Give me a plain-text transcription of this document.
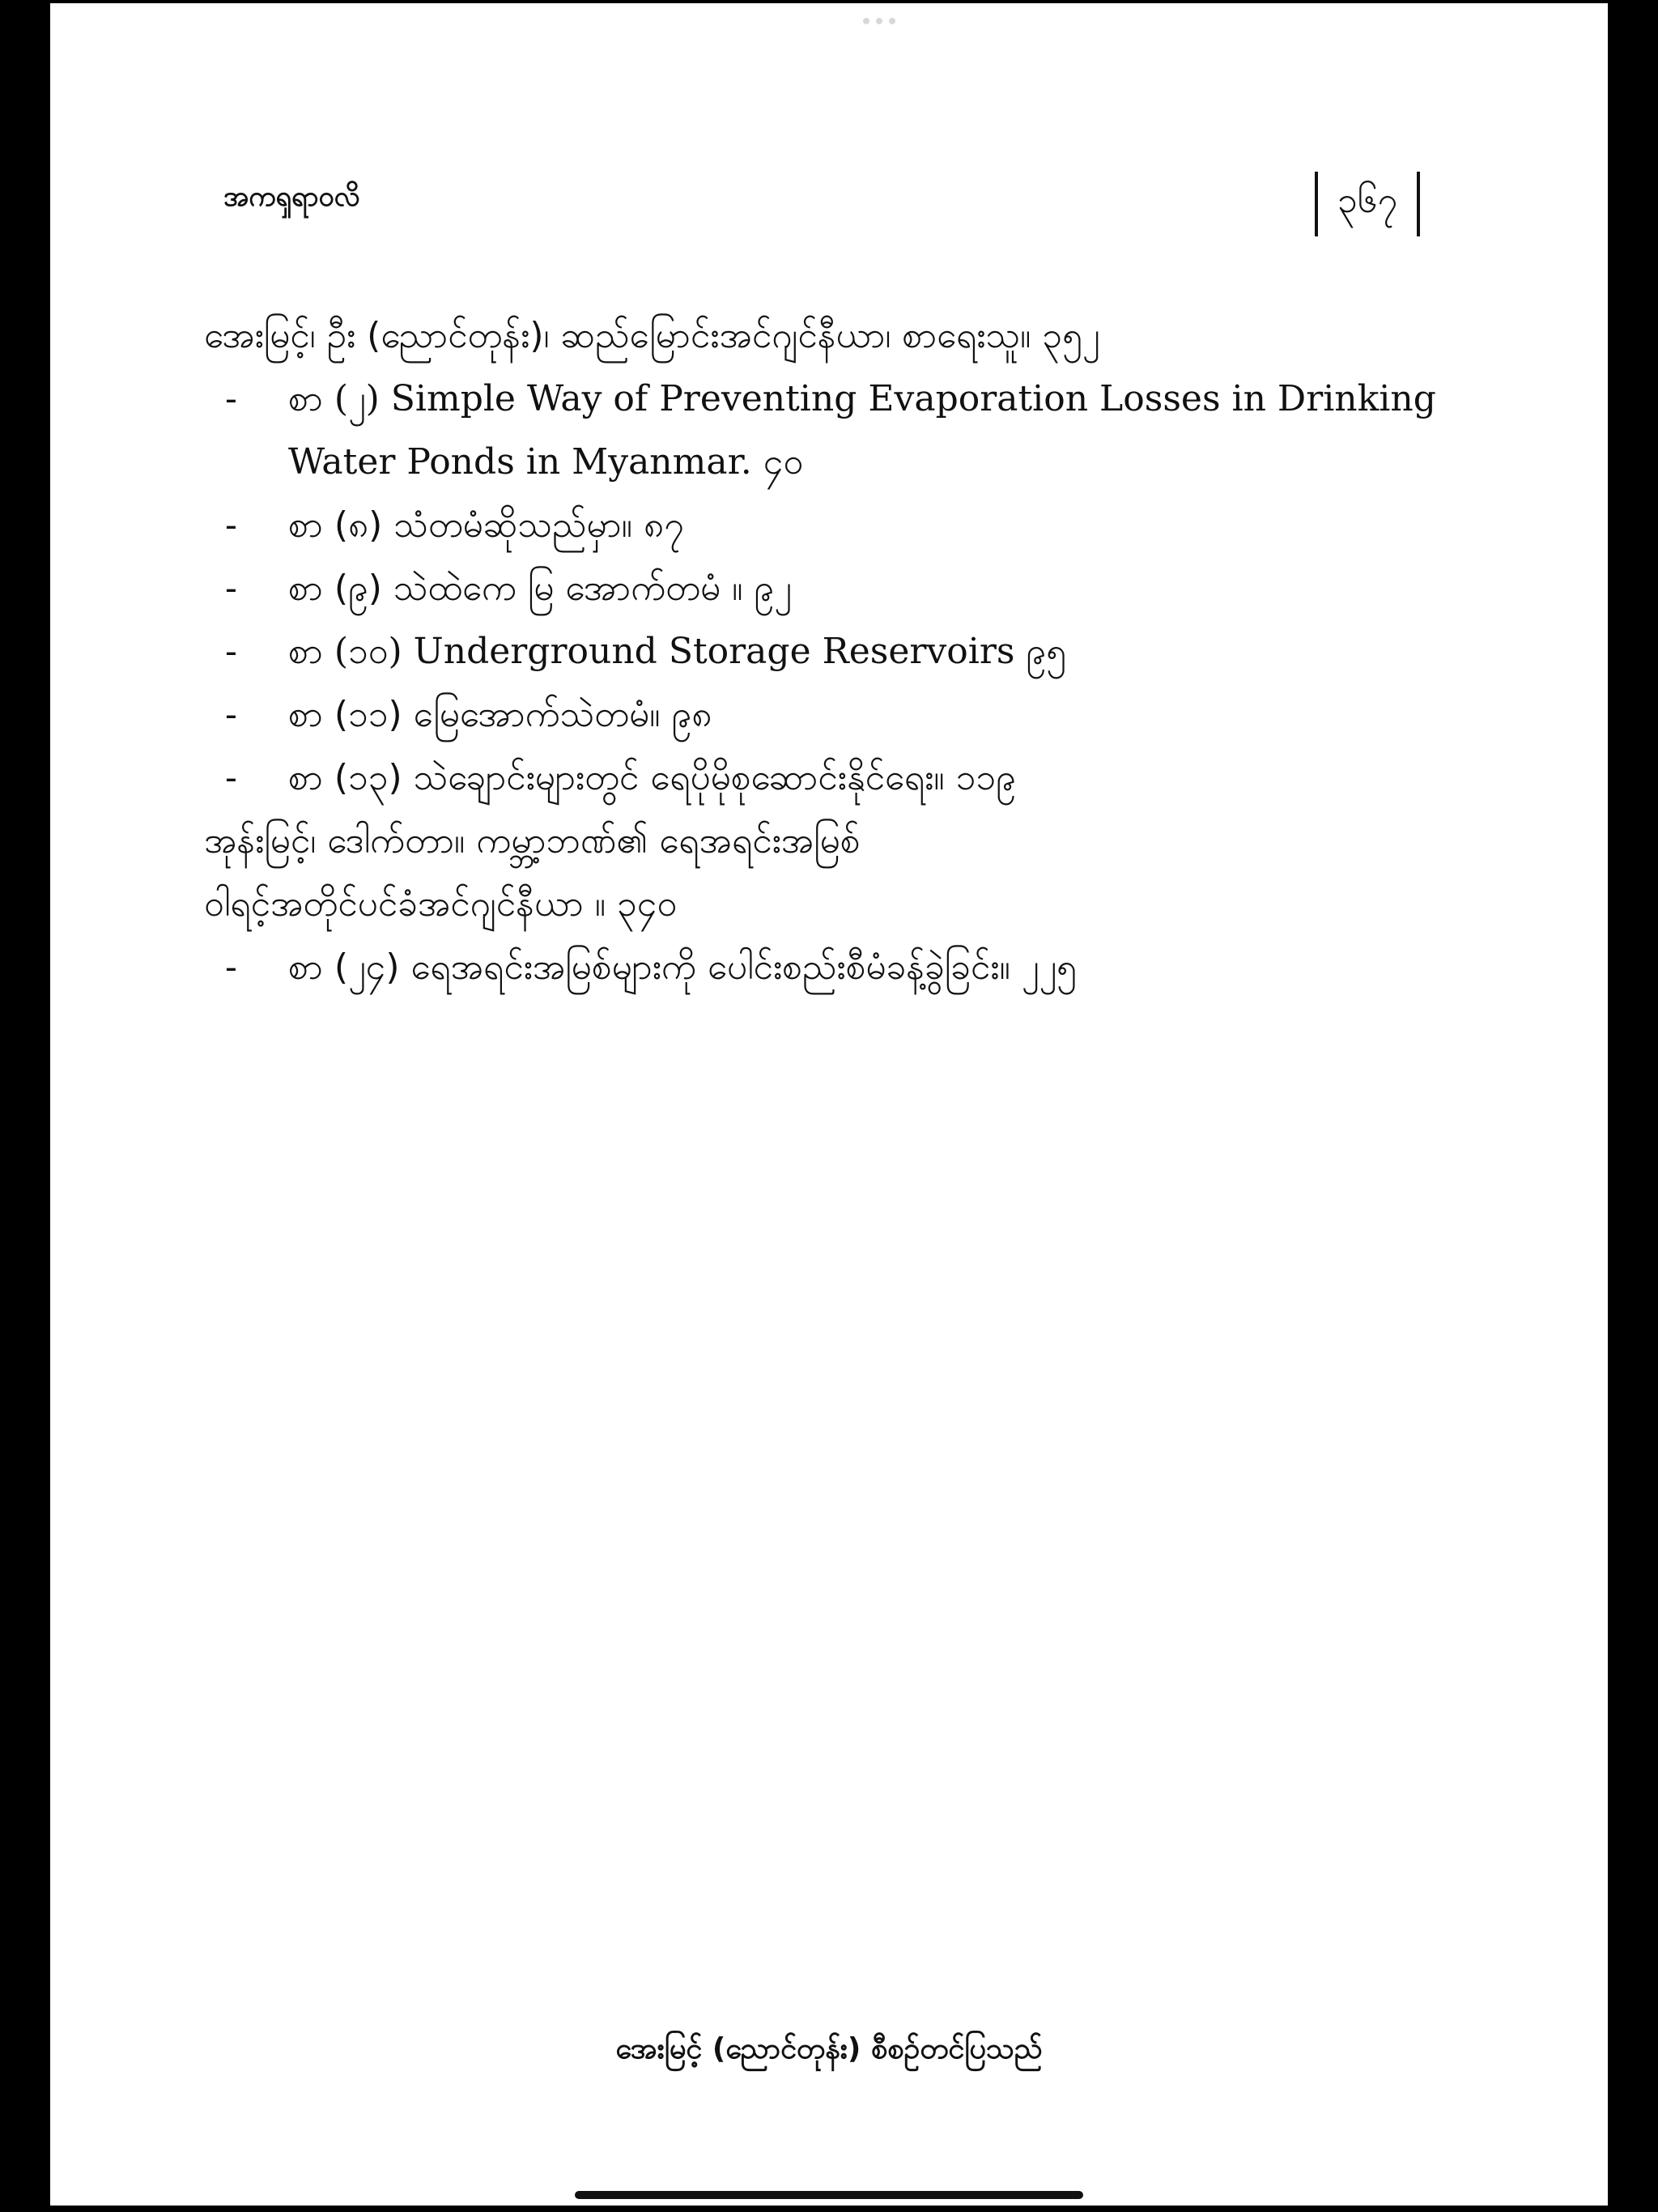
အကၡရာဝလိ	၃၆၇
အေးမြင့်၊ ဦး (ညောင်တုန်း)၊ ဆည်မြောင်းအင်ဂျင်နီယာ၊ စာရေးသူ။ ၃၅၂
- စာ (၂) Simple Way of Preventing Evaporation Losses in Drinking Water Ponds in Myanmar. ၄၀
- စာ (၈) သံတမံဆိုသည်မှာ။ ၈၇
- စာ (၉) သဲထဲကေ မြ အောက်တမံ ။ ၉၂
- စာ (၁၀) Underground Storage Reservoirs ၉၅
- စာ (၁၁) မြေအောက်သဲတမံ။ ၉၈
- စာ (၁၃) သဲချောင်းများတွင် ရေပိုမိုစုဆောင်းနိုင်ရေး။ ၁၁၉
အုန်းမြင့်၊ ဒေါက်တာ။ ကမ္ဘာ့ဘဏ်၏ ရေအရင်းအမြစ်
ဝါရင့်အတိုင်ပင်ခံအင်ဂျင်နီယာ ။ ၃၄၀
- စာ (၂၄) ရေအရင်းအမြစ်များကို ပေါင်းစည်းစီမံခန့်ခွဲခြင်း။ ၂၂၅
အေးမြင့် (ညောင်တုန်း) စီစဉ်တင်ပြသည်
